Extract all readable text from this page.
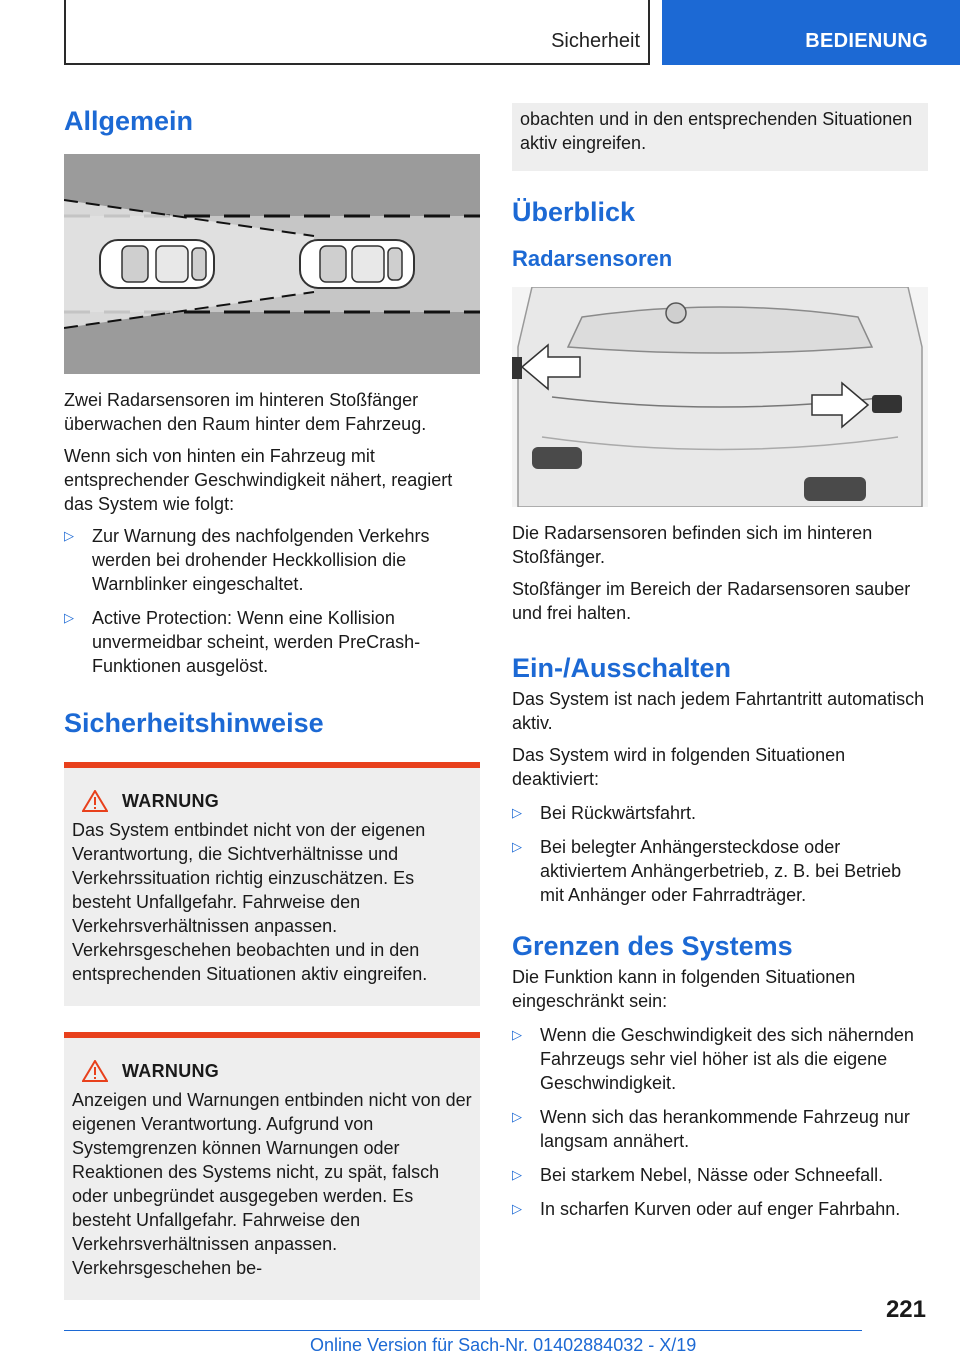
Sicherheit	BEDIENUNG
Allgemein

Zwei Radarsensoren im hinteren Stoßfänger überwachen den Raum hinter dem Fahrzeug.

Wenn sich von hinten ein Fahrzeug mit entsprechender Geschwindigkeit nähert, reagiert das System wie folgt:

▷ Zur Warnung des nachfolgenden Verkehrs werden bei drohender Heckkollision die Warnblinker eingeschaltet.
▷ Active Protection: Wenn eine Kollision unvermeidbar scheint, werden PreCrash-Funktionen ausgelöst.
Sicherheitshinweise
WARNUNG

Das System entbindet nicht von der eigenen Verantwortung, die Sichtverhältnisse und Verkehrssituation richtig einzuschätzen. Es besteht Unfallgefahr. Fahrweise den Verkehrsverhältnissen anpassen. Verkehrsgeschehen beobachten und in den entsprechenden Situationen aktiv eingreifen.

WARNUNG

Anzeigen und Warnungen entbinden nicht von der eigenen Verantwortung. Aufgrund von Systemgrenzen können Warnungen oder Reaktionen des Systems nicht, zu spät, falsch oder unbegründet ausgegeben werden. Es besteht Unfallgefahr. Fahrweise den Verkehrsverhältnissen anpassen. Verkehrsgeschehen be-

obachten und in den entsprechenden Situationen aktiv eingreifen.

Überblick
Radarsensoren

Die Radarsensoren befinden sich im hinteren Stoßfänger.

Stoßfänger im Bereich der Radarsensoren sauber und frei halten.

Ein-/Ausschalten

Das System ist nach jedem Fahrtantritt automatisch aktiv.

Das System wird in folgenden Situationen deaktiviert:

▷ Bei Rückwärtsfahrt.
▷ Bei belegter Anhängersteckdose oder aktiviertem Anhängerbetrieb, z. B. bei Betrieb mit Anhänger oder Fahrradträger.
Grenzen des Systems

Die Funktion kann in folgenden Situationen eingeschränkt sein:

▷ Wenn die Geschwindigkeit des sich nähernden Fahrzeugs sehr viel höher ist als die eigene Geschwindigkeit.
▷ Wenn sich das herankommende Fahrzeug nur langsam annähert.
▷ Bei starkem Nebel, Nässe oder Schneefall.
▷ In scharfen Kurven oder auf enger Fahrbahn.
221
Online Version für Sach-Nr. 01402884032 - X/19
